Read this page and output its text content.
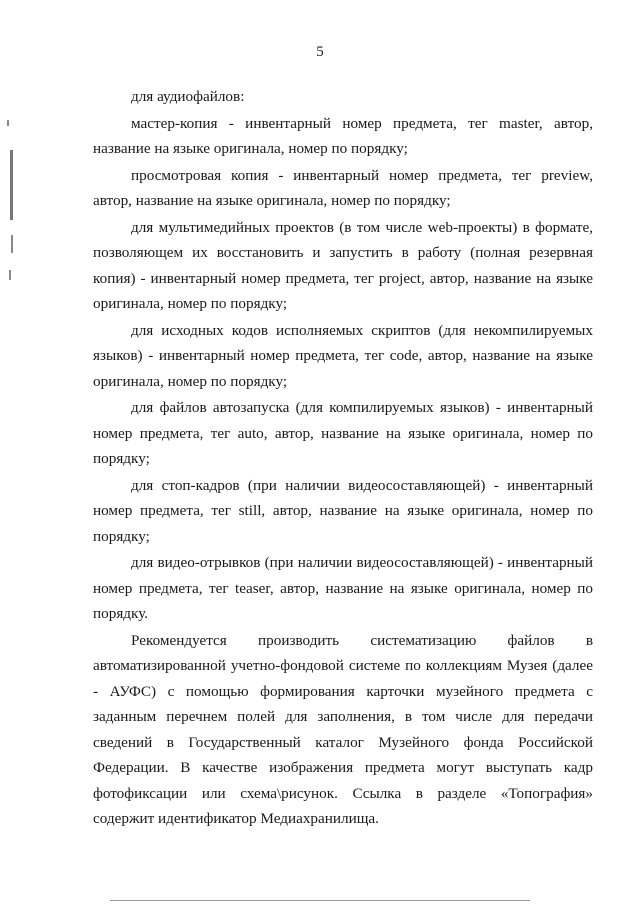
5

для аудиофайлов:

мастер-копия - инвентарный номер предмета, тег master, автор, название на языке оригинала, номер по порядку;

просмотровая копия - инвентарный номер предмета, тег preview, автор, название на языке оригинала, номер по порядку;

для мультимедийных проектов (в том числе web-проекты) в формате, позволяющем их восстановить и запустить в работу (полная резервная копия) - инвентарный номер предмета, тег project, автор, название на языке оригинала, номер по порядку;

для исходных кодов исполняемых скриптов (для некомпилируемых языков) - инвентарный номер предмета, тег code, автор, название на языке оригинала, номер по порядку;

для файлов автозапуска (для компилируемых языков) - инвентарный номер предмета, тег auto, автор, название на языке оригинала, номер по порядку;

для стоп-кадров (при наличии видеосоставляющей) - инвентарный номер предмета, тег still, автор, название на языке оригинала, номер по порядку;

для видео-отрывков (при наличии видеосоставляющей) - инвентарный номер предмета, тег teaser, автор, название на языке оригинала, номер по порядку.

Рекомендуется производить систематизацию файлов в автоматизированной учетно-фондовой системе по коллекциям Музея (далее - АУФС) с помощью формирования карточки музейного предмета с заданным перечнем полей для заполнения, в том числе для передачи сведений в Государственный каталог Музейного фонда Российской Федерации. В качестве изображения предмета могут выступать кадр фотофиксации или схема\рисунок. Ссылка в разделе «Топография» содержит идентификатор Медиахранилища.
